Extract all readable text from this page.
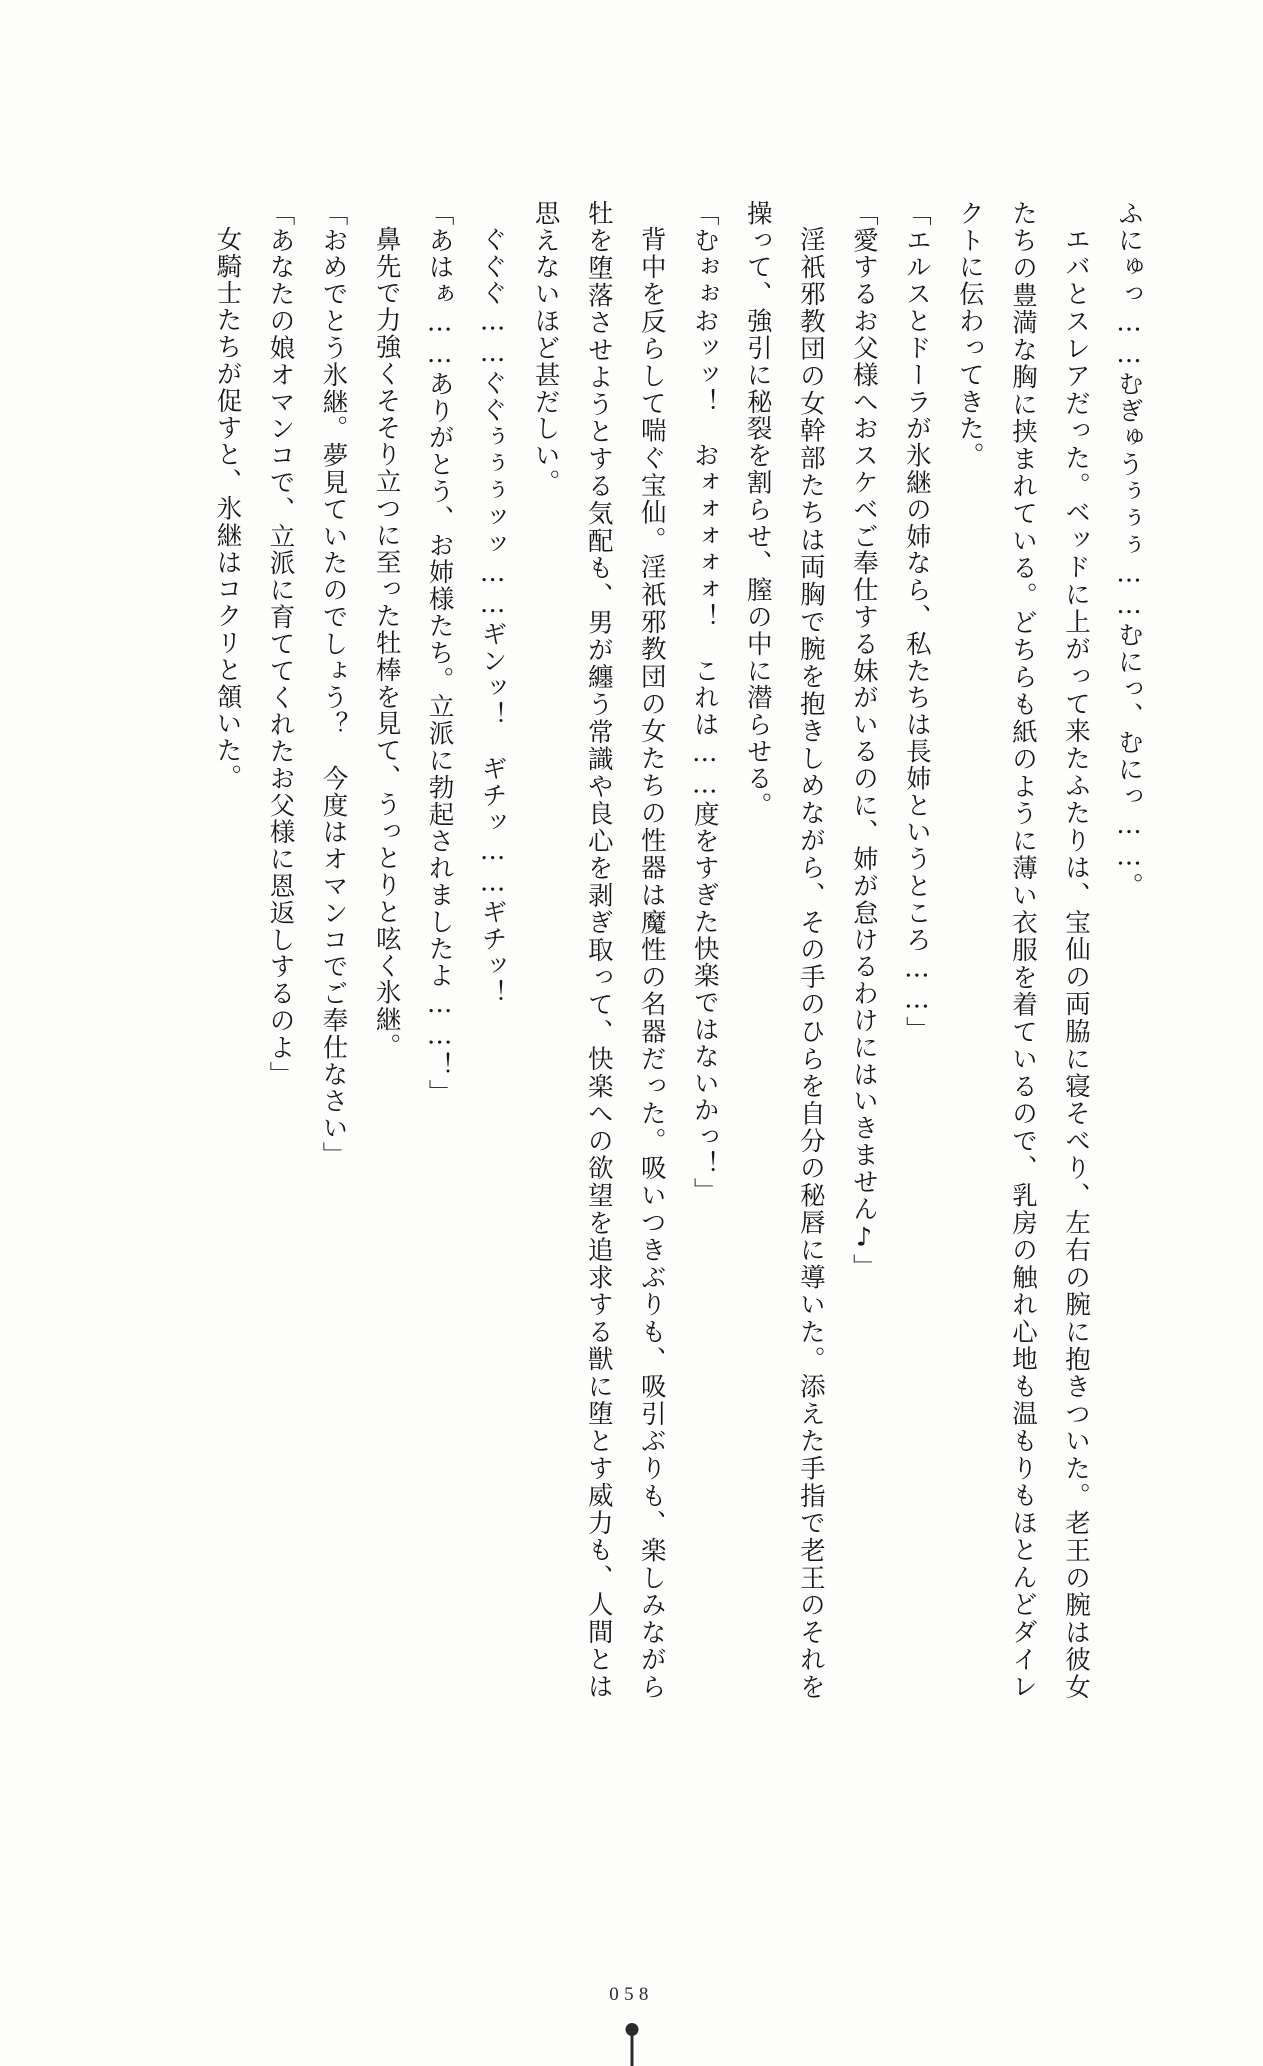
ふにゅっ……むぎゅうぅぅぅ……むにっ、むにっ……。
エバとスレアだった。ベッドに上がって来たふたりは、宝仙の両脇に寝そべり、左右の腕に抱きついた。老王の腕は彼女たちの豊満な胸に挟まれている。どちらも紙のように薄い衣服を着ているので、乳房の触れ心地も温もりもほとんどダイレクトに伝わってきた。
「エルスとドーラが氷継の姉なら、私たちは長姉というところ……」
「愛するお父様へおスケベご奉仕する妹がいるのに、姉が怠けるわけにはいきません♪」
淫祇邪教団の女幹部たちは両胸で腕を抱きしめながら、その手のひらを自分の秘唇に導いた。添えた手指で老王のそれを操って、強引に秘裂を割らせ、膣の中に潜らせる。
「むぉぉおッッ！　おォォォォォ！　これは……度をすぎた快楽ではないかっ！」
背中を反らして喘ぐ宝仙。淫祇邪教団の女たちの性器は魔性の名器だった。吸いつきぶりも、吸引ぶりも、楽しみながら牡を堕落させようとする気配も、男が纏う常識や良心を剥ぎ取って、快楽への欲望を追求する獣に堕とす威力も、人間とは思えないほど甚だしい。
ぐぐぐ……ぐぐぅぅぅッッ……ギンッ！　ギチッ……ギチッ！
「あはぁ……ありがとう、お姉様たち。立派に勃起されましたよ……！」
鼻先で力強くそそり立つに至った牡棒を見て、うっとりと呟く氷継。
「おめでとう氷継。夢見ていたのでしょう？　今度はオマンコでご奉仕なさい」
「あなたの娘オマンコで、立派に育ててくれたお父様に恩返しするのよ」
女騎士たちが促すと、氷継はコクリと頷いた。
058
